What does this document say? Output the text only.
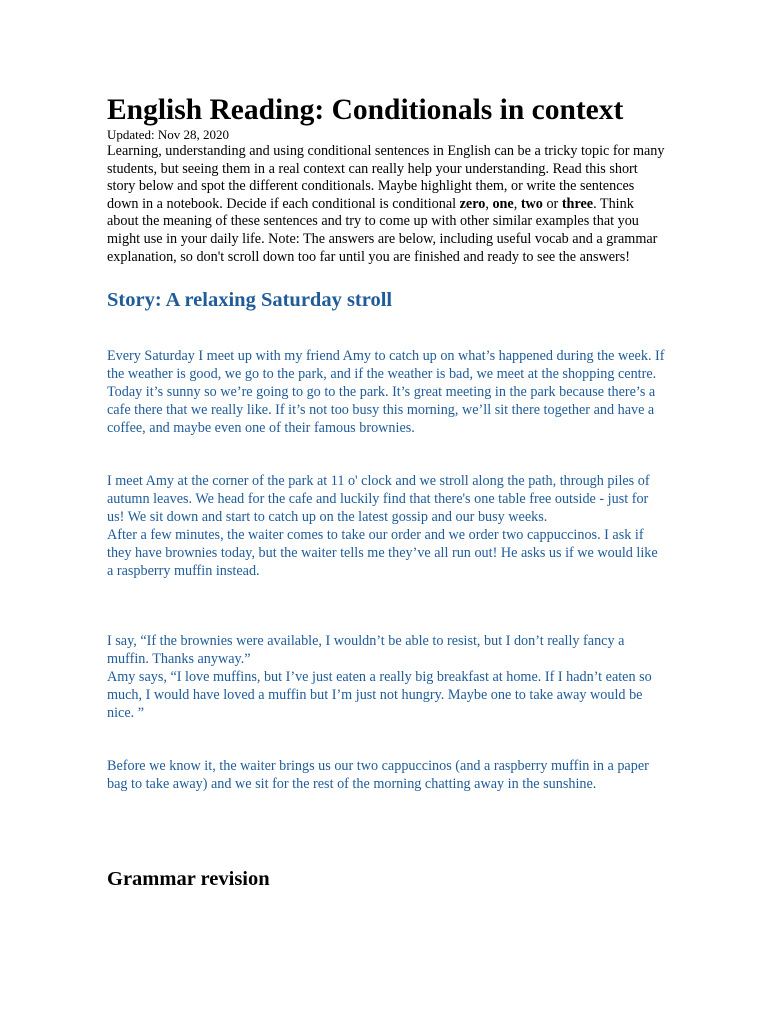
English Reading: Conditionals in context
Updated: Nov 28, 2020

Learning, understanding and using conditional sentences in English can be a tricky topic for many students, but seeing them in a real context can really help your understanding. Read this short story below and spot the different conditionals. Maybe highlight them, or write the sentences down in a notebook. Decide if each conditional is conditional zero, one, two or three. Think about the meaning of these sentences and try to come up with other similar examples that you might use in your daily life. Note: The answers are below, including useful vocab and a grammar explanation, so don't scroll down too far until you are finished and ready to see the answers!

Story: A relaxing Saturday stroll

Every Saturday I meet up with my friend Amy to catch up on what’s happened during the week. If the weather is good, we go to the park, and if the weather is bad, we meet at the shopping centre. Today it’s sunny so we’re going to go to the park. It’s great meeting in the park because there’s a cafe there that we really like. If it’s not too busy this morning, we’ll sit there together and have a coffee, and maybe even one of their famous brownies.

I meet Amy at the corner of the park at 11 o' clock and we stroll along the path, through piles of autumn leaves. We head for the cafe and luckily find that there's one table free outside - just for us! We sit down and start to catch up on the latest gossip and our busy weeks.
After a few minutes, the waiter comes to take our order and we order two cappuccinos. I ask if they have brownies today, but the waiter tells me they’ve all run out! He asks us if we would like a raspberry muffin instead.

I say, “If the brownies were available, I wouldn’t be able to resist, but I don’t really fancy a muffin. Thanks anyway.”
Amy says, “I love muffins, but I’ve just eaten a really big breakfast at home. If I hadn’t eaten so much, I would have loved a muffin but I’m just not hungry. Maybe one to take away would be nice. ”

Before we know it, the waiter brings us our two cappuccinos (and a raspberry muffin in a paper bag to take away) and we sit for the rest of the morning chatting away in the sunshine.

Grammar revision
